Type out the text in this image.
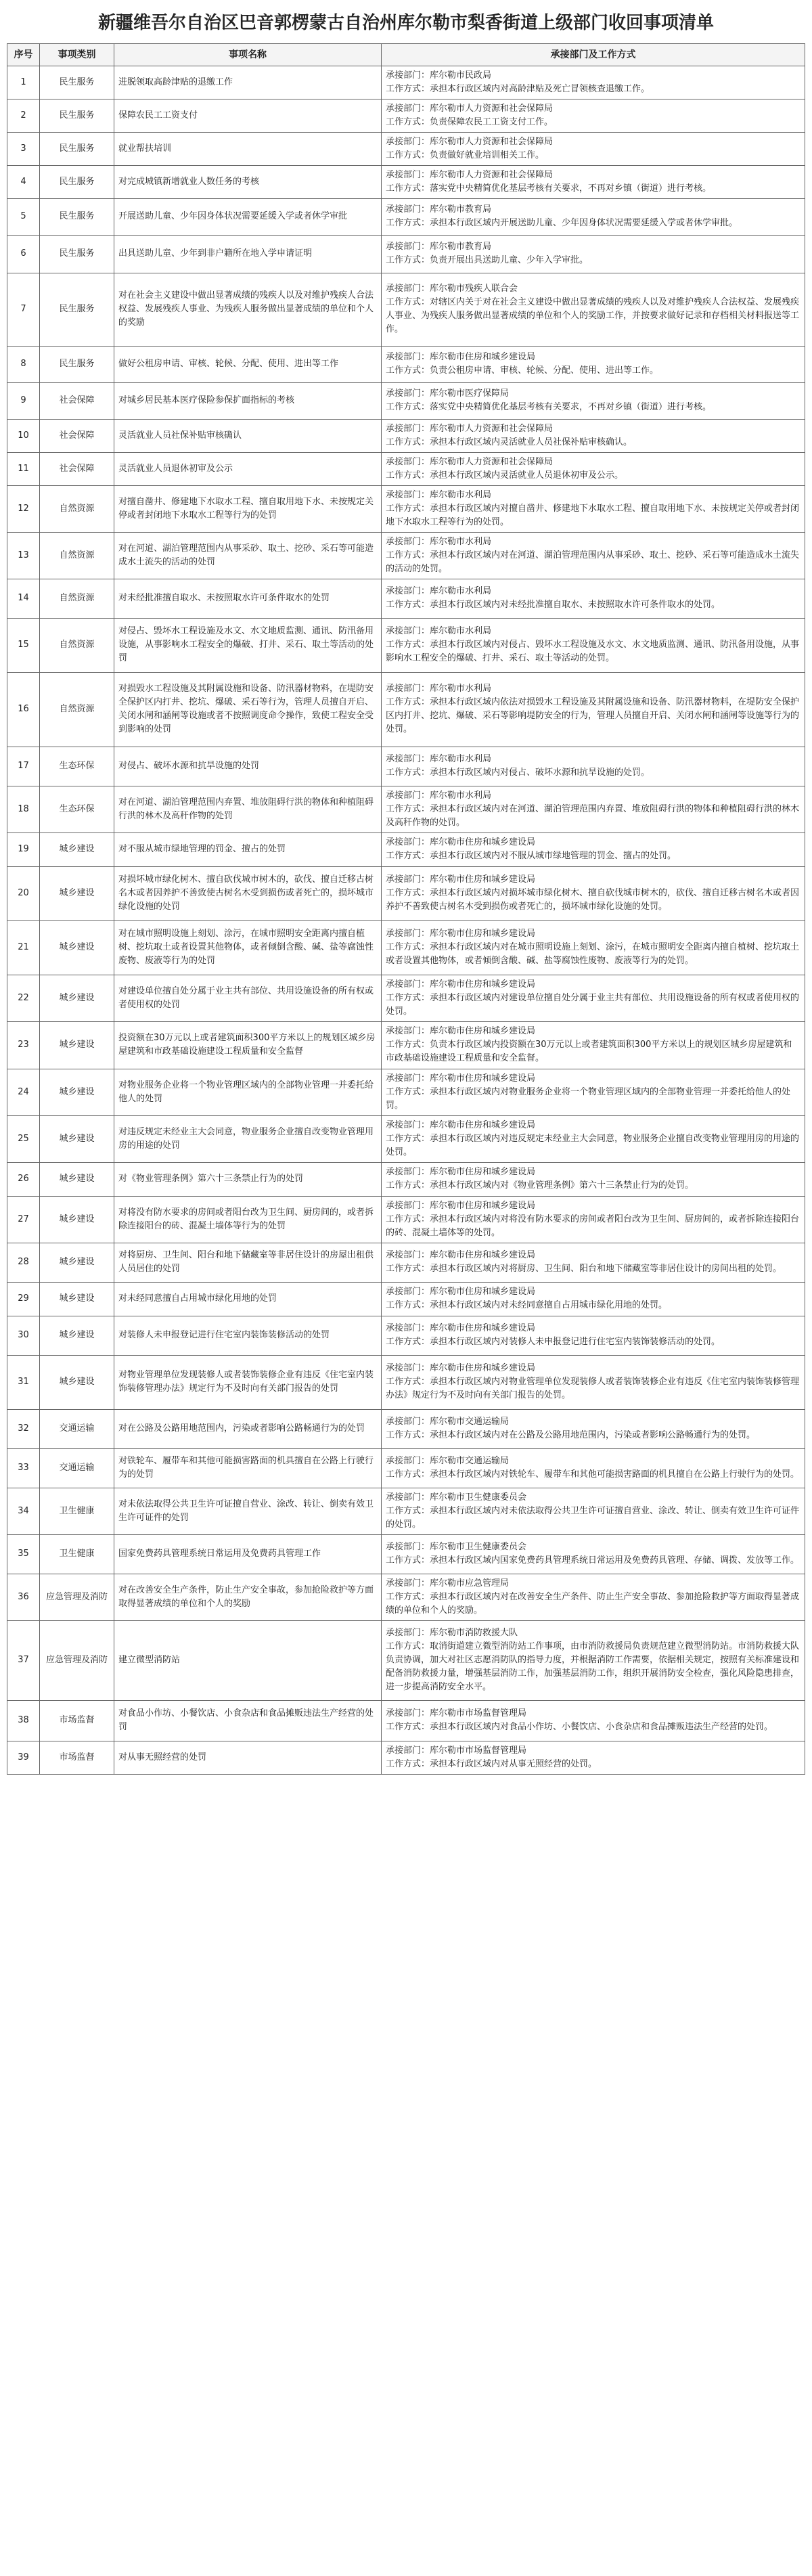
新疆维吾尔自治区巴音郭楞蒙古自治州库尔勒市梨香街道上级部门收回事项清单
序号	事项类别	事项名称	承接部门及工作方式
1	民生服务	进脱领取高龄津贴的退缴工作	承接部门：库尔勒市民政局
工作方式：承担本行政区域内对高龄津贴及死亡冒领核查退缴工作。

2	民生服务	保障农民工工资支付	承接部门：库尔勒市人力资源和社会保障局
工作方式：负责保障农民工工资支付工作。

3	民生服务	就业帮扶培训	承接部门：库尔勒市人力资源和社会保障局
工作方式：负责做好就业培训相关工作。

4	民生服务	对完成城镇新增就业人数任务的考核	承接部门：库尔勒市人力资源和社会保障局
工作方式：落实党中央精简优化基层考核有关要求，不再对乡镇（街道）进行考核。

5	民生服务	开展送助儿童、少年因身体状况需要延缓入学或者休学审批	承接部门：库尔勒市教育局
工作方式：承担本行政区域内开展送助儿童、少年因身体状况需要延缓入学或者休学审批。

6	民生服务	出具送助儿童、少年到非户籍所在地入学申请证明	承接部门：库尔勒市教育局
工作方式：负责开展出具送助儿童、少年入学审批。

7	民生服务	对在社会主义建设中做出显著成绩的残疾人以及对维护残疾人合法权益、发展残疾人事业、为残疾人服务做出显著成绩的单位和个人的奖励	承接部门：库尔勒市残疾人联合会
工作方式：对辖区内关于对在社会主义建设中做出显著成绩的残疾人以及对维护残疾人合法权益、发展残疾人事业、为残疾人服务做出显著成绩的单位和个人的奖励工作，并按要求做好记录和存档相关材料报送等工作。

8	民生服务	做好公租房申请、审核、轮候、分配、使用、进出等工作	承接部门：库尔勒市住房和城乡建设局
工作方式：负责公租房申请、审核、轮候、分配、使用、进出等工作。

9	社会保障	对城乡居民基本医疗保险参保扩面指标的考核	承接部门：库尔勒市医疗保障局
工作方式：落实党中央精简优化基层考核有关要求，不再对乡镇（街道）进行考核。

10	社会保障	灵活就业人员社保补贴审核确认	承接部门：库尔勒市人力资源和社会保障局
工作方式：承担本行政区域内灵活就业人员社保补贴审核确认。

11	社会保障	灵活就业人员退休初审及公示	承接部门：库尔勒市人力资源和社会保障局
工作方式：承担本行政区域内灵活就业人员退休初审及公示。

12	自然资源	对擅自凿井、修建地下水取水工程、擅自取用地下水、未按规定关停或者封闭地下水取水工程等行为的处罚	承接部门：库尔勒市水利局
工作方式：承担本行政区域内对擅自凿井、修建地下水取水工程、擅自取用地下水、未按规定关停或者封闭地下水取水工程等行为的处罚。

13	自然资源	对在河道、湖泊管理范围内从事采砂、取土、挖砂、采石等可能造成水土流失的活动的处罚	承接部门：库尔勒市水利局
工作方式：承担本行政区域内对在河道、湖泊管理范围内从事采砂、取土、挖砂、采石等可能造成水土流失的活动的处罚。

14	自然资源	对未经批准擅自取水、未按照取水许可条件取水的处罚	承接部门：库尔勒市水利局
工作方式：承担本行政区域内对未经批准擅自取水、未按照取水许可条件取水的处罚。

15	自然资源	对侵占、毁坏水工程设施及水文、水文地质监测、通讯、防汛备用设施，从事影响水工程安全的爆破、打井、采石、取土等活动的处罚	承接部门：库尔勒市水利局
工作方式：承担本行政区域内对侵占、毁坏水工程设施及水文、水文地质监测、通讯、防汛备用设施，从事影响水工程安全的爆破、打井、采石、取土等活动的处罚。

16	自然资源	对损毁水工程设施及其附属设施和设备、防汛器材物料，在堤防安全保护区内打井、挖坑、爆破、采石等行为，管理人员擅自开启、关闭水闸和涵闸等设施或者不按照调度命令操作，致使工程安全受到影响的处罚	承接部门：库尔勒市水利局
工作方式：承担本行政区域内依法对损毁水工程设施及其附属设施和设备、防汛器材物料，在堤防安全保护区内打井、挖坑、爆破、采石等影响堤防安全的行为，管理人员擅自开启、关闭水闸和涵闸等设施等行为的处罚。

17	生态环保	对侵占、破坏水源和抗旱设施的处罚	承接部门：库尔勒市水利局
工作方式：承担本行政区域内对侵占、破坏水源和抗旱设施的处罚。

18	生态环保	对在河道、湖泊管理范围内弃置、堆放阻碍行洪的物体和种植阻碍行洪的林木及高秆作物的处罚	承接部门：库尔勒市水利局
工作方式：承担本行政区域内对在河道、湖泊管理范围内弃置、堆放阻碍行洪的物体和种植阻碍行洪的林木及高秆作物的处罚。

19	城乡建设	对不服从城市绿地管理的罚金、擅占的处罚	承接部门：库尔勒市住房和城乡建设局
工作方式：承担本行政区域内对不服从城市绿地管理的罚金、擅占的处罚。

20	城乡建设	对损坏城市绿化树木、擅自砍伐城市树木的，砍伐、擅自迁移古树名木或者因养护不善致使古树名木受到损伤或者死亡的，损坏城市绿化设施的处罚	承接部门：库尔勒市住房和城乡建设局
工作方式：承担本行政区域内对损坏城市绿化树木、擅自砍伐城市树木的，砍伐、擅自迁移古树名木或者因养护不善致使古树名木受到损伤或者死亡的，损坏城市绿化设施的处罚。

21	城乡建设	对在城市照明设施上刻划、涂污，在城市照明安全距离内擅自植树、挖坑取土或者设置其他物体，或者倾倒含酸、碱、盐等腐蚀性废物、废液等行为的处罚	承接部门：库尔勒市住房和城乡建设局
工作方式：承担本行政区域内对在城市照明设施上刻划、涂污，在城市照明安全距离内擅自植树、挖坑取土或者设置其他物体，或者倾倒含酸、碱、盐等腐蚀性废物、废液等行为的处罚。

22	城乡建设	对建设单位擅自处分属于业主共有部位、共用设施设备的所有权或者使用权的处罚	承接部门：库尔勒市住房和城乡建设局
工作方式：承担本行政区域内对建设单位擅自处分属于业主共有部位、共用设施设备的所有权或者使用权的处罚。

23	城乡建设	投资额在30万元以上或者建筑面积300平方米以上的规划区城乡房屋建筑和市政基础设施建设工程质量和安全监督	承接部门：库尔勒市住房和城乡建设局
工作方式：负责本行政区域内投资额在30万元以上或者建筑面积300平方米以上的规划区城乡房屋建筑和市政基础设施建设工程质量和安全监督。

24	城乡建设	对物业服务企业将一个物业管理区域内的全部物业管理一并委托给他人的处罚	承接部门：库尔勒市住房和城乡建设局
工作方式：承担本行政区域内对物业服务企业将一个物业管理区域内的全部物业管理一并委托给他人的处罚。

25	城乡建设	对违反规定未经业主大会同意，物业服务企业擅自改变物业管理用房的用途的处罚	承接部门：库尔勒市住房和城乡建设局
工作方式：承担本行政区域内对违反规定未经业主大会同意，物业服务企业擅自改变物业管理用房的用途的处罚。

26	城乡建设	对《物业管理条例》第六十三条禁止行为的处罚	承接部门：库尔勒市住房和城乡建设局
工作方式：承担本行政区域内对《物业管理条例》第六十三条禁止行为的处罚。

27	城乡建设	对将没有防水要求的房间或者阳台改为卫生间、厨房间的，或者拆除连接阳台的砖、混凝土墙体等行为的处罚	承接部门：库尔勒市住房和城乡建设局
工作方式：承担本行政区域内对将没有防水要求的房间或者阳台改为卫生间、厨房间的，或者拆除连接阳台的砖、混凝土墙体等的处罚。

28	城乡建设	对将厨房、卫生间、阳台和地下储藏室等非居住设计的房屋出租供人员居住的处罚	承接部门：库尔勒市住房和城乡建设局
工作方式：承担本行政区域内对将厨房、卫生间、阳台和地下储藏室等非居住设计的房间出租的处罚。

29	城乡建设	对未经同意擅自占用城市绿化用地的处罚	承接部门：库尔勒市住房和城乡建设局
工作方式：承担本行政区域内对未经同意擅自占用城市绿化用地的处罚。

30	城乡建设	对装修人未申报登记进行住宅室内装饰装修活动的处罚	承接部门：库尔勒市住房和城乡建设局
工作方式：承担本行政区域内对装修人未申报登记进行住宅室内装饰装修活动的处罚。

31	城乡建设	对物业管理单位发现装修人或者装饰装修企业有违反《住宅室内装饰装修管理办法》规定行为不及时向有关部门报告的处罚	承接部门：库尔勒市住房和城乡建设局
工作方式：承担本行政区域内对物业管理单位发现装修人或者装饰装修企业有违反《住宅室内装饰装修管理办法》规定行为不及时向有关部门报告的处罚。

32	交通运输	对在公路及公路用地范围内，污染或者影响公路畅通行为的处罚	承接部门：库尔勒市交通运输局
工作方式：承担本行政区域内对在公路及公路用地范围内，污染或者影响公路畅通行为的处罚。

33	交通运输	对铁轮车、履带车和其他可能损害路面的机具擅自在公路上行驶行为的处罚	承接部门：库尔勒市交通运输局
工作方式：承担本行政区域内对铁轮车、履带车和其他可能损害路面的机具擅自在公路上行驶行为的处罚。

34	卫生健康	对未依法取得公共卫生许可证擅自营业、涂改、转让、倒卖有效卫生许可证件的处罚	承接部门：库尔勒市卫生健康委员会
工作方式：承担本行政区域内对未依法取得公共卫生许可证擅自营业、涂改、转让、倒卖有效卫生许可证件的处罚。

35	卫生健康	国家免费药具管理系统日常运用及免费药具管理工作	承接部门：库尔勒市卫生健康委员会
工作方式：承担本行政区域内国家免费药具管理系统日常运用及免费药具管理、存储、调拨、发放等工作。

36	应急管理及消防	对在改善安全生产条件，防止生产安全事故，参加抢险救护等方面取得显著成绩的单位和个人的奖励	承接部门：库尔勒市应急管理局
工作方式：承担本行政区域内对在改善安全生产条件、防止生产安全事故、参加抢险救护等方面取得显著成绩的单位和个人的奖励。

37	应急管理及消防	建立微型消防站	承接部门：库尔勒市消防救援大队
工作方式：取消街道建立微型消防站工作事项，由市消防救援局负责规范建立微型消防站。市消防救援大队负责协调，加大对社区志愿消防队的指导力度，并根据消防工作需要，依据相关规定，按照有关标准建设和配备消防救援力量，增强基层消防工作，加强基层消防工作，组织开展消防安全检查，强化风险隐患排查，进一步提高消防安全水平。

38	市场监督	对食品小作坊、小餐饮店、小食杂店和食品摊贩违法生产经营的处罚	承接部门：库尔勒市市场监督管理局
工作方式：承担本行政区域内对食品小作坊、小餐饮店、小食杂店和食品摊贩违法生产经营的处罚。

39	市场监督	对从事无照经营的处罚	承接部门：库尔勒市市场监督管理局
工作方式：承担本行政区域内对从事无照经营的处罚。
